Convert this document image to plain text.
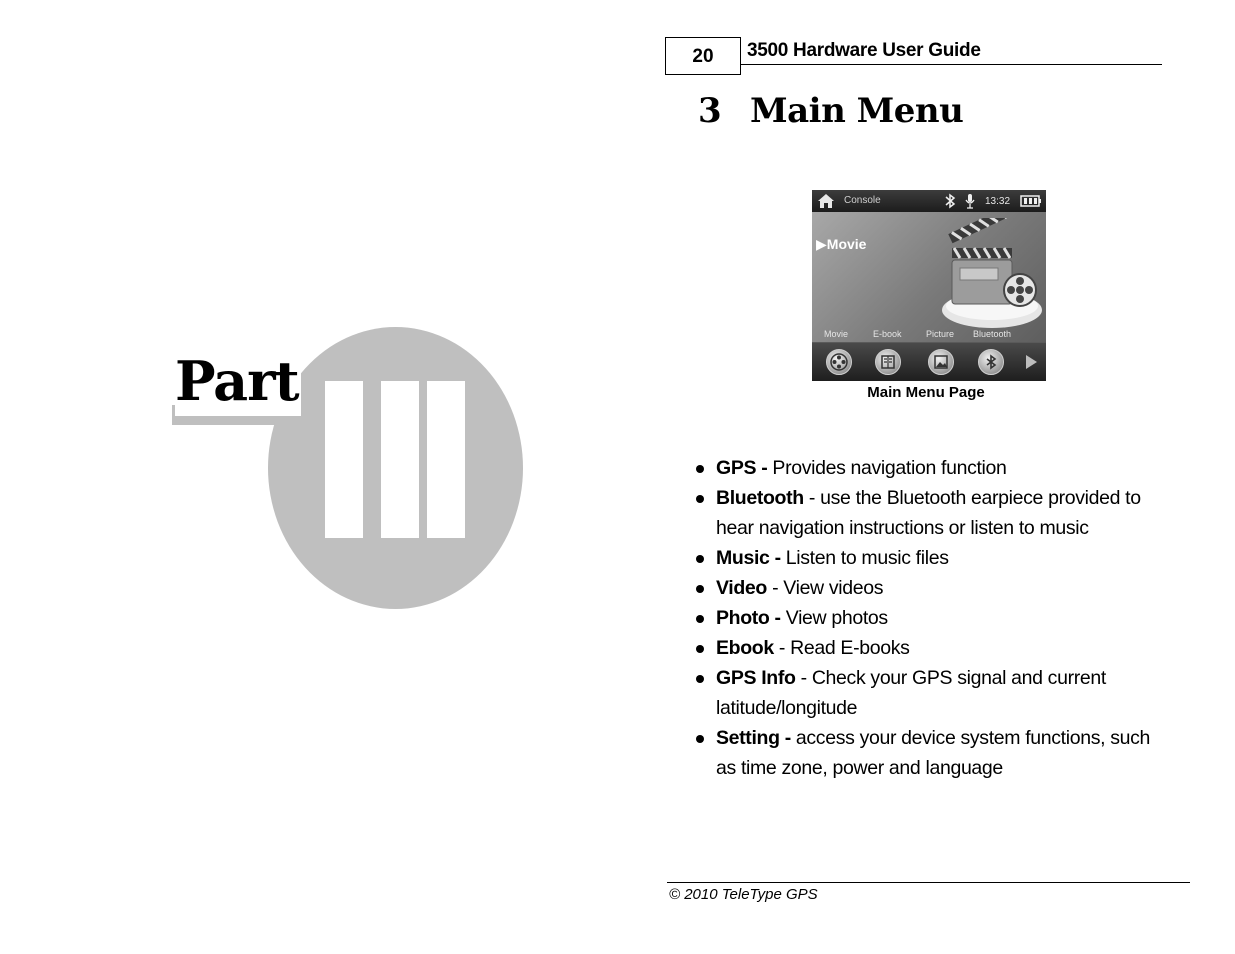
Part
20	3500 Hardware User Guide
3 Main Menu
Console	13:32
▶Movie
Movie	E-book	Picture Bluetooth
Main Menu Page
GPS - Provides navigation function
Bluetooth - use the Bluetooth earpiece provided to hear navigation instructions or listen to music
Music - Listen to music files
Video - View videos
Photo - View photos
Ebook - Read E-books
GPS Info - Check your GPS signal and current latitude/longitude
Setting - access your device system functions, such as time zone, power and language
© 2010 TeleType GPS
